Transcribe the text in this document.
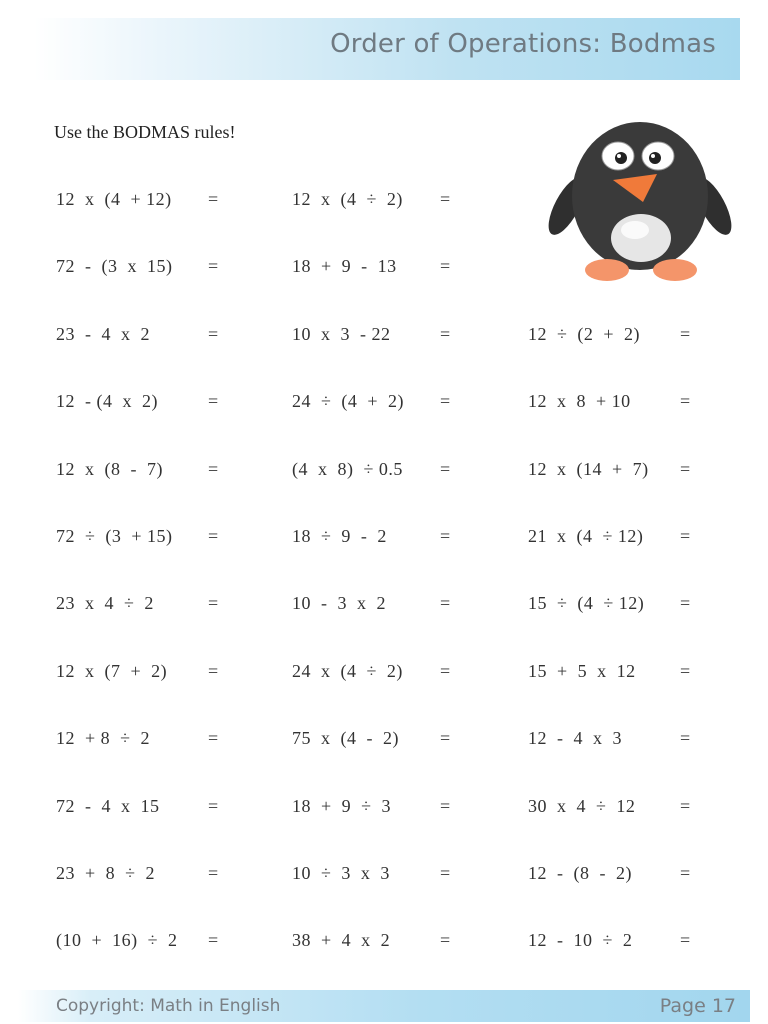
Order of Operations: Bodmas
Use the BODMAS rules!
12  x  (4  + 12) =	12  x  (4  ÷  2) =
72  -  (3  x  15) =	18  +  9  -  13 =
23  -  4  x  2	=	10  x  3  - 22	=	12  ÷  (2  +  2) =
12  - (4  x  2)	=	24  ÷  (4  +  2) =	12  x  8  + 10	=
12  x  (8  -  7)	=	(4  x  8)  ÷ 0.5 =	12  x  (14  +  7) =
72  ÷  (3  + 15) =	18  ÷  9  -  2	=	21  x  (4  ÷ 12) =
23  x  4  ÷  2	=	10  -  3  x  2	=	15  ÷  (4  ÷ 12) =
12  x  (7  +  2) =	24  x  (4  ÷  2) =	15  +  5  x  12 =
12  + 8  ÷  2	=	75  x  (4  -  2) =	12  -  4  x  3	=
72  -  4  x  15	=	18  +  9  ÷  3	=	30  x  4  ÷  12 =
23  +  8  ÷  2	=	10  ÷  3  x  3	=	12  -  (8  -  2)	=
(10  +  16)  ÷  2 =	38  +  4  x  2	=	12  -  10  ÷  2	=
Copyright: Math in English	Page 17
